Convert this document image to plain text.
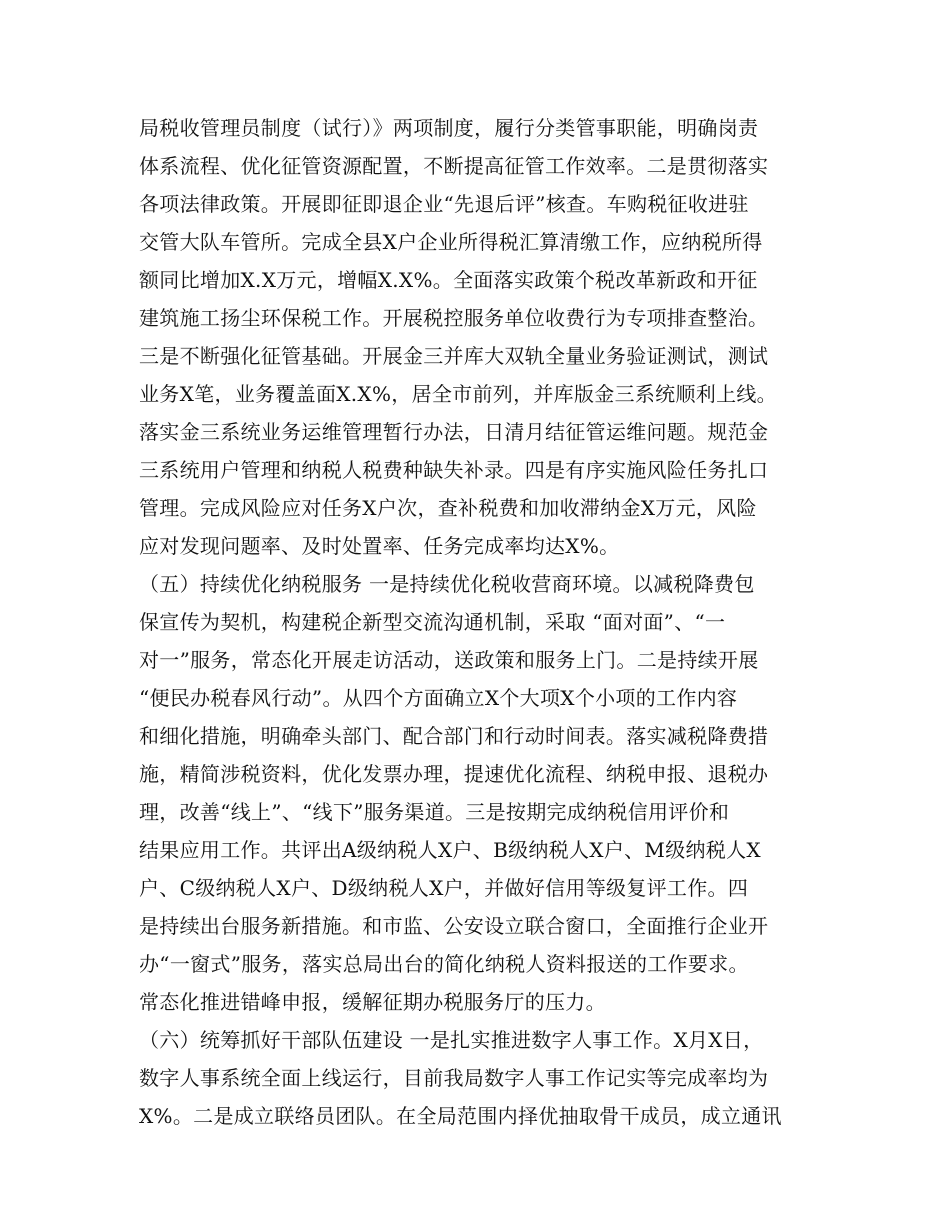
局税收管理员制度（试行）》两项制度，履行分类管事职能，明确岗责

体系流程、优化征管资源配置，不断提高征管工作效率。二是贯彻落实

各项法律政策。开展即征即退企业“先退后评”核查。车购税征收进驻

交管大队车管所。完成全县X户企业所得税汇算清缴工作，应纳税所得

额同比增加X.X万元，增幅X.X%。全面落实政策个税改革新政和开征

建筑施工扬尘环保税工作。开展税控服务单位收费行为专项排查整治。

三是不断强化征管基础。开展金三并库大双轨全量业务验证测试，测试

业务X笔，业务覆盖面X.X%，居全市前列，并库版金三系统顺利上线。

落实金三系统业务运维管理暂行办法，日清月结征管运维问题。规范金

三系统用户管理和纳税人税费种缺失补录。四是有序实施风险任务扎口

管理。完成风险应对任务X户次，查补税费和加收滞纳金X万元，风险

应对发现问题率、及时处置率、任务完成率均达X%。

（五）持续优化纳税服务 一是持续优化税收营商环境。以减税降费包

保宣传为契机，构建税企新型交流沟通机制，采取 “面对面”、“一

对一”服务，常态化开展走访活动，送政策和服务上门。二是持续开展

“便民办税春风行动”。从四个方面确立X个大项X个小项的工作内容

和细化措施，明确牵头部门、配合部门和行动时间表。落实减税降费措

施，精简涉税资料，优化发票办理，提速优化流程、纳税申报、退税办

理，改善“线上”、“线下”服务渠道。三是按期完成纳税信用评价和

结果应用工作。共评出A级纳税人X户、B级纳税人X户、M级纳税人X

户、C级纳税人X户、D级纳税人X户，并做好信用等级复评工作。四

是持续出台服务新措施。和市监、公安设立联合窗口，全面推行企业开

办“一窗式”服务，落实总局出台的简化纳税人资料报送的工作要求。

常态化推进错峰申报，缓解征期办税服务厅的压力。

（六）统筹抓好干部队伍建设 一是扎实推进数字人事工作。X月X日，

数字人事系统全面上线运行，目前我局数字人事工作记实等完成率均为

X%。二是成立联络员团队。在全局范围内择优抽取骨干成员，成立通讯
